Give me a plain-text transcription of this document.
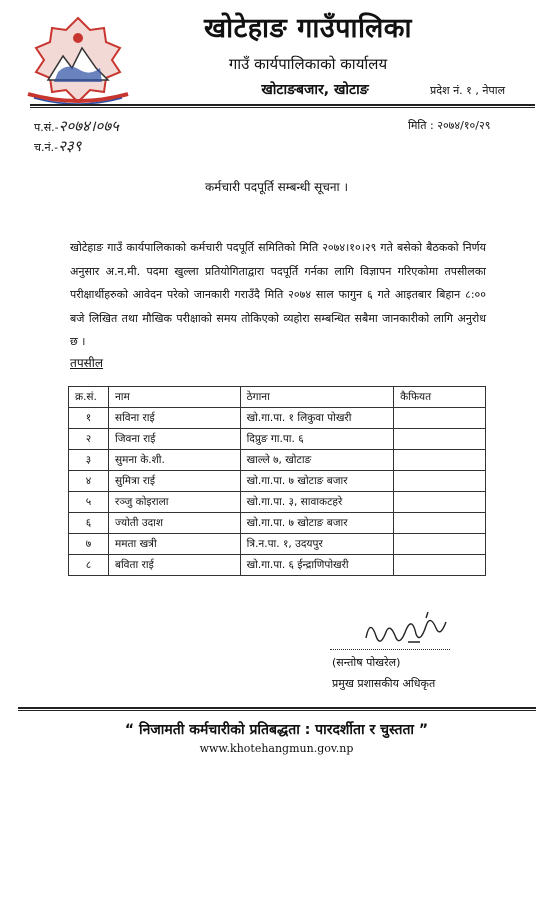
खोटेहाङ गाउँपालिका
गाउँ कार्यपालिकाको कार्यालय
खोटाङबजार, खोटाङ	प्रदेश नं. १ , नेपाल
प.सं.-२०७४।०७५
च.नं.-२३९
मिति : २०७४/१०/२९
कर्मचारी पदपूर्ति सम्बन्धी सूचना ।
खोटेहाङ गाउँ कार्यपालिकाको कर्मचारी पदपूर्ति समितिको मिति २०७४।१०।२९ गते बसेको बैठकको निर्णय अनुसार अ.न.मी. पदमा खुल्ला प्रतियोगिताद्वारा पदपूर्ति गर्नका लागि विज्ञापन गरिएकोमा तपसीलका परीक्षार्थीहरुको आवेदन परेको जानकारी गराउँदै मिति २०७४ साल फागुन ६ गते आइतबार बिहान ८:०० बजे लिखित तथा मौखिक परीक्षाको समय तोकिएको व्यहोरा सम्बन्धित सबैमा जानकारीको लागि अनुरोध छ ।
तपसील
क्र.सं.	नाम	ठेगाना	कैफियत
१	सविना राई	खो.गा.पा. १ लिकुवा पोखरी	
२	जिवना राई	दिप्रुङ गा.पा. ६	
३	सुमना के.शी.	खाल्ले ७, खोटाङ	
४	सुमित्रा राई	खो.गा.पा. ७ खोटाङ बजार	
५	रञ्जु कोइराला	खो.गा.पा. ३, सावाकटहरे	
६	ज्योती उदाश	खो.गा.पा. ७ खोटाङ बजार	
७	ममता खत्री	त्रि.न.पा. १, उदयपुर	
८	बविता राई	खो.गा.पा. ६ ईन्द्राणिपोखरी	
(सन्तोष पोखरेल)
प्रमुख प्रशासकीय अधिकृत
“ निजामती कर्मचारीको प्रतिबद्धता : पारदर्शीता र चुस्तता ”
www.khotehangmun.gov.np
